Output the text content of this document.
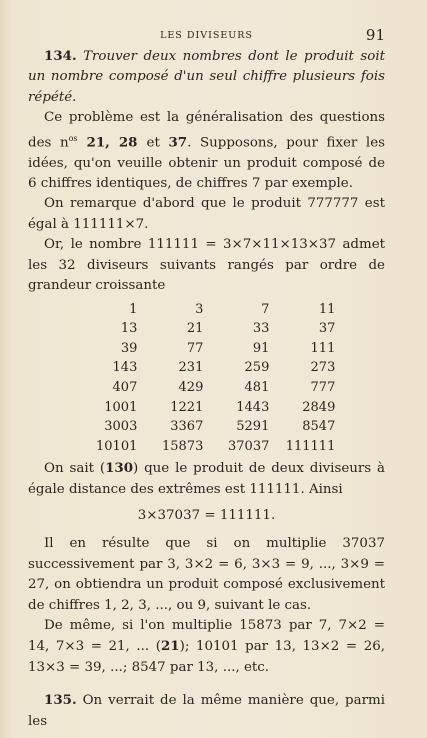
LES DIVISEURS	91

134. Trouver deux nombres dont le produit soit un nombre composé d'un seul chiffre plusieurs fois répété.

Ce problème est la généralisation des questions des $n^{os}$ 21, 28 et 37. Supposons, pour fixer les idées, qu'on veuille obtenir un produit composé de 6 chiffres identiques, de chiffres 7 par exemple.

On remarque d'abord que le produit 777777 est égal à 111111×7.

Or, le nombre 111111 = 3×7×11×13×37 admet les 32 diviseurs suivants rangés par ordre de grandeur croissante

1	3	7	11
13	21	33	37
39	77	91	111
143	231	259	273
407	429	481	777
1001	1221	1443	2849
3003	3367	5291	8547
10101	15873	37037	111111

On sait (130) que le produit de deux diviseurs à égale distance des extrêmes est 111111. Ainsi

3×37037 = 111111.

Il en résulte que si on multiplie 37037 successivement par 3, 3×2 = 6, 3×3 = 9, ..., 3×9 = 27, on obtiendra un produit composé exclusivement de chiffres 1, 2, 3, ..., ou 9, suivant le cas.

De même, si l'on multiplie 15873 par 7, 7×2 = 14, 7×3 = 21, ... (21); 10101 par 13, 13×2 = 26, 13×3 = 39, ...; 8547 par 13, ..., etc.

135. On verrait de la même manière que, parmi les
